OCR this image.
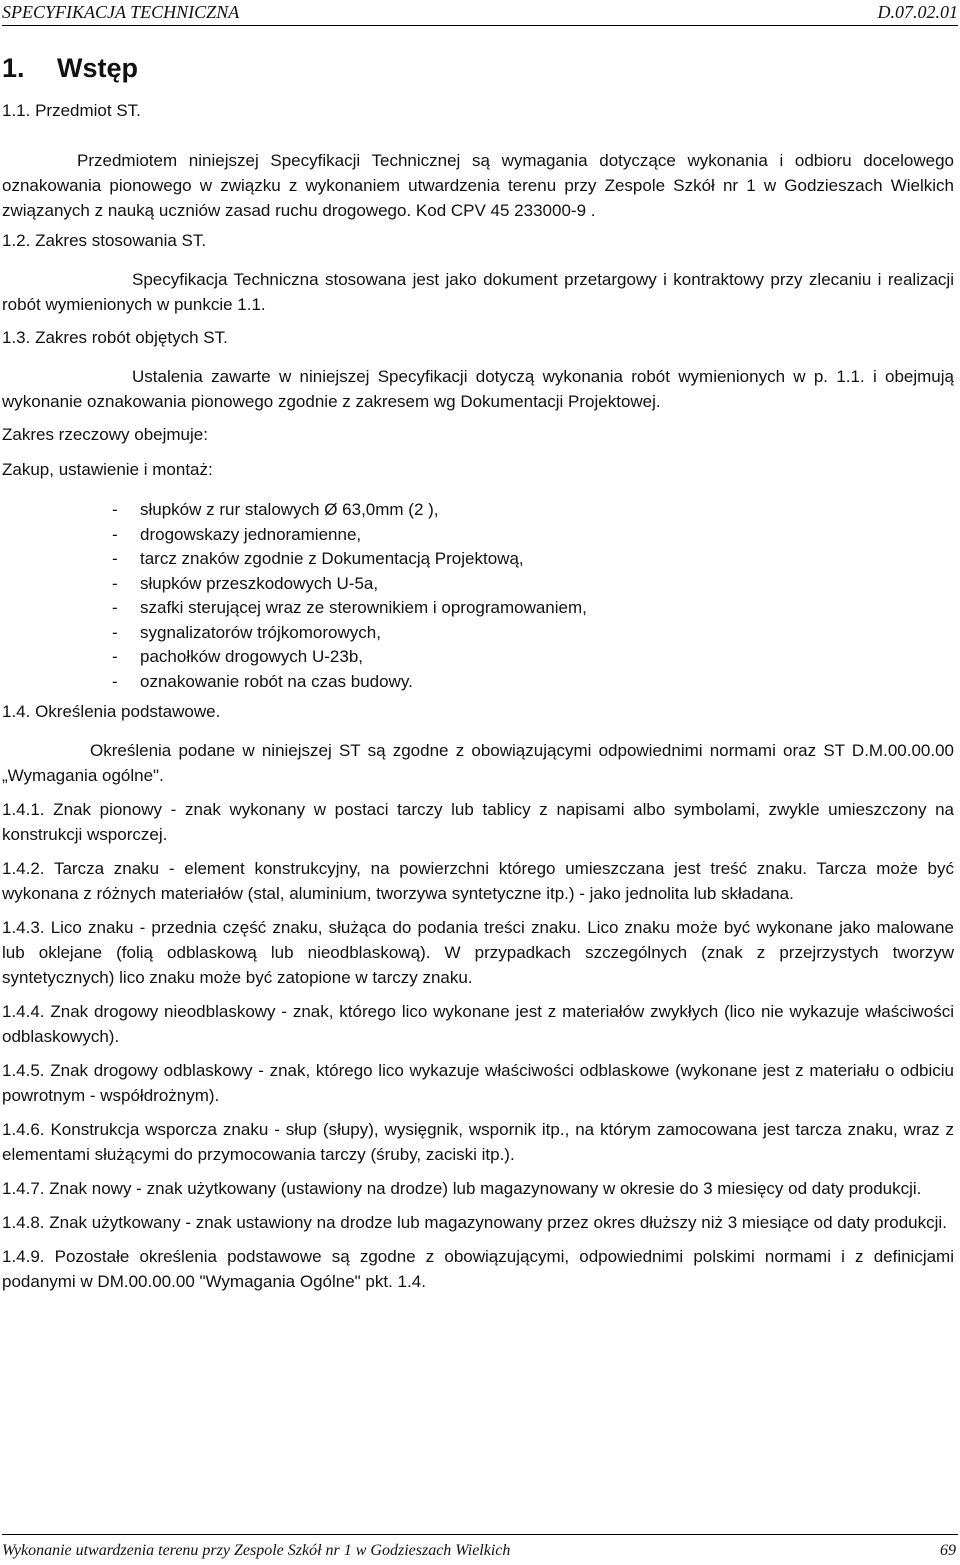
SPECYFIKACJA TECHNICZNA	D.07.02.01
1. Wstęp

1.1. Przedmiot ST.

Przedmiotem niniejszej Specyfikacji Technicznej są wymagania dotyczące wykonania i odbioru docelowego oznakowania pionowego w związku z wykonaniem utwardzenia terenu przy Zespole Szkół nr 1 w Godzieszach Wielkich związanych z nauką uczniów zasad ruchu drogowego. Kod CPV 45 233000-9 .

1.2. Zakres stosowania ST.

Specyfikacja Techniczna stosowana jest jako dokument przetargowy i kontraktowy przy zlecaniu i realizacji robót wymienionych w punkcie 1.1.

1.3. Zakres robót objętych ST.

Ustalenia zawarte w niniejszej Specyfikacji dotyczą wykonania robót wymienionych w p. 1.1. i obejmują wykonanie oznakowania pionowego zgodnie z zakresem wg Dokumentacji Projektowej.

Zakres rzeczowy obejmuje:

Zakup, ustawienie i montaż:

- słupków z rur stalowych Ø 63,0mm (2 ),
- drogowskazy jednoramienne,
- tarcz znaków zgodnie z Dokumentacją Projektową,
- słupków przeszkodowych U-5a,
- szafki sterującej wraz ze sterownikiem i oprogramowaniem,
- sygnalizatorów trójkomorowych,
- pachołków drogowych U-23b,
- oznakowanie robót na czas budowy.

1.4. Określenia podstawowe.

Określenia podane w niniejszej ST są zgodne z obowiązującymi odpowiednimi normami oraz ST D.M.00.00.00 „Wymagania ogólne".

1.4.1. Znak pionowy - znak wykonany w postaci tarczy lub tablicy z napisami albo symbolami, zwykle umieszczony na konstrukcji wsporczej.

1.4.2. Tarcza znaku - element konstrukcyjny, na powierzchni którego umieszczana jest treść znaku. Tarcza może być wykonana z różnych materiałów (stal, aluminium, tworzywa syntetyczne itp.) - jako jednolita lub składana.

1.4.3. Lico znaku - przednia część znaku, służąca do podania treści znaku. Lico znaku może być wykonane jako malowane lub oklejane (folią odblaskową lub nieodblaskową). W przypadkach szczególnych (znak z przejrzystych tworzyw syntetycznych) lico znaku może być zatopione w tarczy znaku.

1.4.4. Znak drogowy nieodblaskowy - znak, którego lico wykonane jest z materiałów zwykłych (lico nie wykazuje właściwości odblaskowych).

1.4.5. Znak drogowy odblaskowy - znak, którego lico wykazuje właściwości odblaskowe (wykonane jest z materiału o odbiciu powrotnym - współdrożnym).

1.4.6. Konstrukcja wsporcza znaku - słup (słupy), wysięgnik, wspornik itp., na którym zamocowana jest tarcza znaku, wraz z elementami służącymi do przymocowania tarczy (śruby, zaciski itp.).

1.4.7. Znak nowy - znak użytkowany (ustawiony na drodze) lub magazynowany w okresie do 3 miesięcy od daty produkcji.

1.4.8. Znak użytkowany - znak ustawiony na drodze lub magazynowany przez okres dłuższy niż 3 miesiące od daty produkcji.

1.4.9. Pozostałe określenia podstawowe są zgodne z obowiązującymi, odpowiednimi polskimi normami i z definicjami podanymi w DM.00.00.00 "Wymagania Ogólne" pkt. 1.4.

Wykonanie utwardzenia terenu przy Zespole Szkół nr 1 w Godzieszach Wielkich	69
